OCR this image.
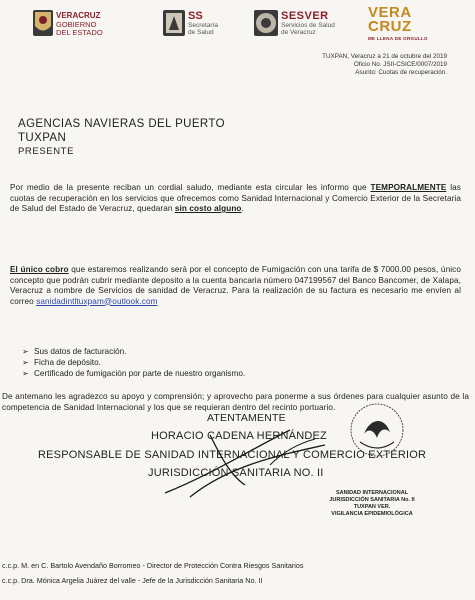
VERACRUZ
GOBIERNO
DEL ESTADO
SS
Secretaría
de Salud
SESVER
Servicios de Salud
de Veracruz
VERA
CRUZ
ME LLENA DE ORGULLO
TUXPAN, Veracruz a 21 de octubre del 2019
Oficio No. JSII-CSICE/0007/2019
Asunto: Cuotas de recuperación.
AGENCIAS NAVIERAS DEL PUERTO
TUXPAN
PRESENTE
Por medio de la presente reciban un cordial saludo, mediante esta circular les informo que TEMPORALMENTE las cuotas de recuperación en los servicios que ofrecemos como Sanidad Internacional y Comercio Exterior de la Secretaria de Salud del Estado de Veracruz, quedaran sin costo alguno.
El único cobro que estaremos realizando será por el concepto de Fumigación con una tarifa de $ 7000.00 pesos, único concepto que podrán cubrir mediante deposito a la cuenta bancaria número 047199567 del Banco Bancomer, de Xalapa, Veracruz a nombre de Servicios de sanidad de Veracruz. Para la realización de su factura es necesario me envíen al correo sanidadintltuxpam@outlook.com
➢ Sus datos de facturación.
➢ Ficha de depósito.
➢ Certificado de fumigación por parte de nuestro organismo.
De antemano les agradezco su apoyo y comprensión; y aprovecho para ponerme a sus órdenes para cualquier asunto de la competencia de Sanidad Internacional y los que se requieran dentro del recinto portuario.
ATENTAMENTE
HORACIO CADENA HERNÁNDEZ
RESPONSABLE DE SANIDAD INTERNACIONAL Y COMERCIO EXTERIOR
JURISDICCIÓN SANITARIA NO. II
SANIDAD INTERNACIONAL
JURISDICCIÓN SANITARIA No. II
TUXPAN VER.
VIGILANCIA EPIDEMIOLÓGICA
c.c.p. M. en C. Bartolo Avendaño Borromeo - Director de Protección Contra Riesgos Sanitarios
c.c.p. Dra. Mónica Argelia Juárez del valle - Jefe de la Jurisdicción Sanitaria No. II
